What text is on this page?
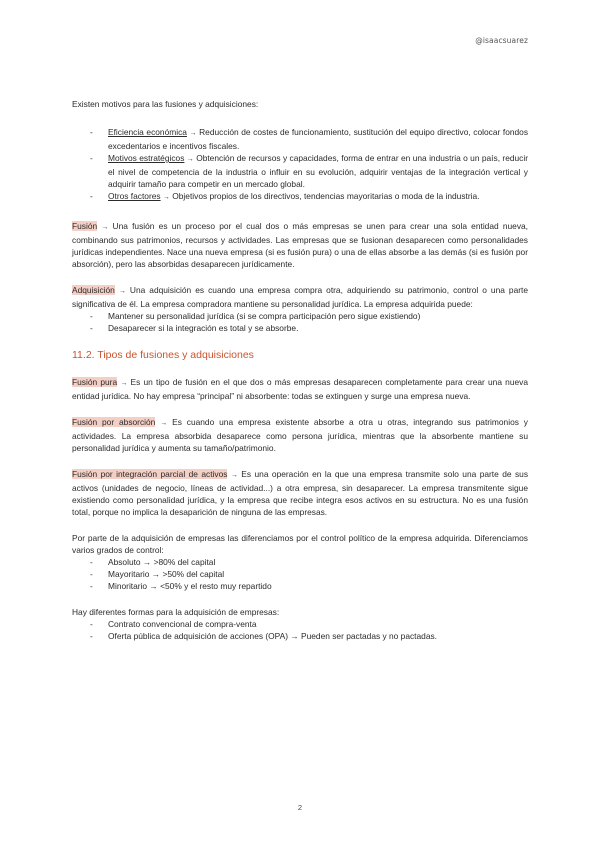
@isaacsuarez

Existen motivos para las fusiones y adquisiciones:

- Eficiencia económica → Reducción de costes de funcionamiento, sustitución del equipo directivo, colocar fondos excedentarios e incentivos fiscales.
- Motivos estratégicos → Obtención de recursos y capacidades, forma de entrar en una industria o un país, reducir el nivel de competencia de la industria o influir en su evolución, adquirir ventajas de la integración vertical y adquirir tamaño para competir en un mercado global.
- Otros factores → Objetivos propios de los directivos, tendencias mayoritarias o moda de la industria.

Fusión → Una fusión es un proceso por el cual dos o más empresas se unen para crear una sola entidad nueva, combinando sus patrimonios, recursos y actividades. Las empresas que se fusionan desaparecen como personalidades jurídicas independientes. Nace una nueva empresa (si es fusión pura) o una de ellas absorbe a las demás (si es fusión por absorción), pero las absorbidas desaparecen jurídicamente.

Adquisición → Una adquisición es cuando una empresa compra otra, adquiriendo su patrimonio, control o una parte significativa de él. La empresa compradora mantiene su personalidad jurídica. La empresa adquirida puede:

- Mantener su personalidad jurídica (si se compra participación pero sigue existiendo)
- Desaparecer si la integración es total y se absorbe.
11.2. Tipos de fusiones y adquisiciones

Fusión pura → Es un tipo de fusión en el que dos o más empresas desaparecen completamente para crear una nueva entidad jurídica. No hay empresa “principal” ni absorbente: todas se extinguen y surge una empresa nueva.

Fusión por absorción → Es cuando una empresa existente absorbe a otra u otras, integrando sus patrimonios y actividades. La empresa absorbida desaparece como persona jurídica, mientras que la absorbente mantiene su personalidad jurídica y aumenta su tamaño/patrimonio.

Fusión por integración parcial de activos → Es una operación en la que una empresa transmite solo una parte de sus activos (unidades de negocio, líneas de actividad...) a otra empresa, sin desaparecer. La empresa transmitente sigue existiendo como personalidad jurídica, y la empresa que recibe integra esos activos en su estructura. No es una fusión total, porque no implica la desaparición de ninguna de las empresas.

Por parte de la adquisición de empresas las diferenciamos por el control político de la empresa adquirida. Diferenciamos varios grados de control:

- Absoluto → >80% del capital
- Mayoritario → >50% del capital
- Minoritario → <50% y el resto muy repartido

Hay diferentes formas para la adquisición de empresas:

- Contrato convencional de compra-venta
- Oferta pública de adquisición de acciones (OPA) → Pueden ser pactadas y no pactadas.
2
